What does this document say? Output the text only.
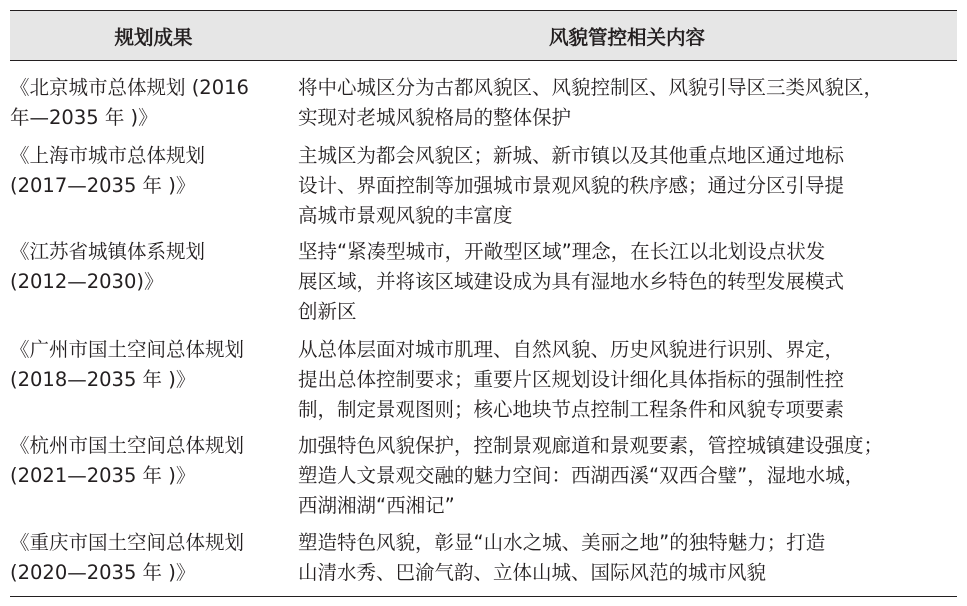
规划成果	风貌管控相关内容
《北京城市总体规划 (2016
年—2035 年 )》
将中心城区分为古都风貌区、风貌控制区、风貌引导区三类风貌区，
实现对老城风貌格局的整体保护
《上海市城市总体规划
(2017—2035 年 )》
主城区为都会风貌区；新城、新市镇以及其他重点地区通过地标
设计、界面控制等加强城市景观风貌的秩序感；通过分区引导提
高城市景观风貌的丰富度
《江苏省城镇体系规划
(2012—2030)》
坚持“紧凑型城市，开敞型区域”理念，在长江以北划设点状发
展区域，并将该区域建设成为具有湿地水乡特色的转型发展模式
创新区
《广州市国土空间总体规划
(2018—2035 年 )》
从总体层面对城市肌理、自然风貌、历史风貌进行识别、界定，
提出总体控制要求；重要片区规划设计细化具体指标的强制性控
制，制定景观图则；核心地块节点控制工程条件和风貌专项要素
《杭州市国土空间总体规划
(2021—2035 年 )》
加强特色风貌保护，控制景观廊道和景观要素，管控城镇建设强度；
塑造人文景观交融的魅力空间：西湖西溪“双西合璧”，湿地水城，
西湖湘湖“西湘记”
《重庆市国土空间总体规划
(2020—2035 年 )》
塑造特色风貌，彰显“山水之城、美丽之地”的独特魅力；打造
山清水秀、巴渝气韵、立体山城、国际风范的城市风貌
